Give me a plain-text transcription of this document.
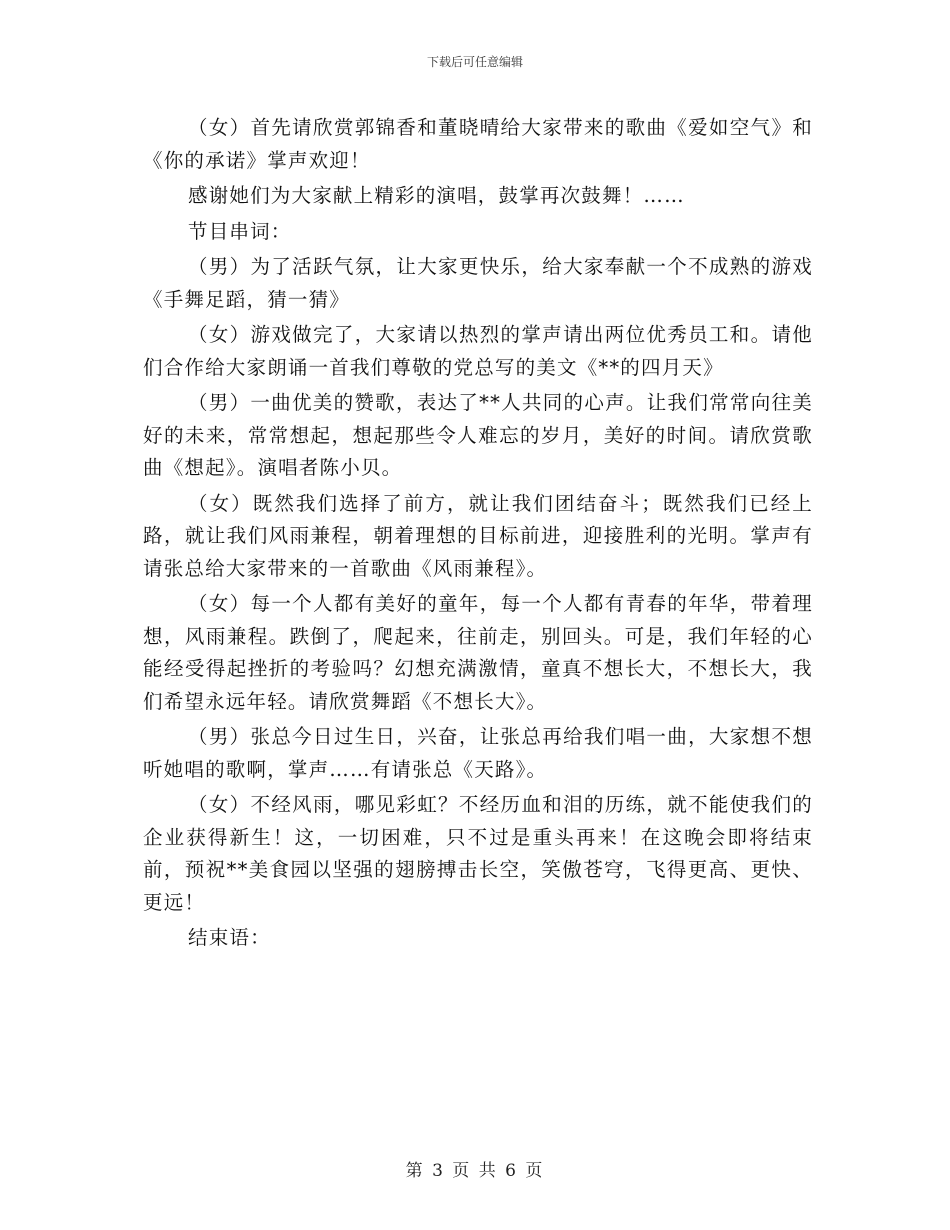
下载后可任意编辑

（女）首先请欣赏郭锦香和董晓晴给大家带来的歌曲《爱如空气》和《你的承诺》掌声欢迎！

感谢她们为大家献上精彩的演唱，鼓掌再次鼓舞！……

节目串词：

（男）为了活跃气氛，让大家更快乐，给大家奉献一个不成熟的游戏《手舞足蹈，猜一猜》

（女）游戏做完了，大家请以热烈的掌声请出两位优秀员工和。请他们合作给大家朗诵一首我们尊敬的党总写的美文《**的四月天》

（男）一曲优美的赞歌，表达了**人共同的心声。让我们常常向往美好的未来，常常想起，想起那些令人难忘的岁月，美好的时间。请欣赏歌曲《想起》。演唱者陈小贝。

（女）既然我们选择了前方，就让我们团结奋斗；既然我们已经上路，就让我们风雨兼程，朝着理想的目标前进，迎接胜利的光明。掌声有请张总给大家带来的一首歌曲《风雨兼程》。

（女）每一个人都有美好的童年，每一个人都有青春的年华，带着理想，风雨兼程。跌倒了，爬起来，往前走，别回头。可是，我们年轻的心能经受得起挫折的考验吗？幻想充满激情，童真不想长大，不想长大，我们希望永远年轻。请欣赏舞蹈《不想长大》。

（男）张总今日过生日，兴奋，让张总再给我们唱一曲，大家想不想听她唱的歌啊，掌声……有请张总《天路》。

（女）不经风雨，哪见彩虹？不经历血和泪的历练，就不能使我们的企业获得新生！这，一切困难，只不过是重头再来！在这晚会即将结束前，预祝**美食园以坚强的翅膀搏击长空，笑傲苍穹，飞得更高、更快、更远！

结束语：

第 3 页 共 6 页
